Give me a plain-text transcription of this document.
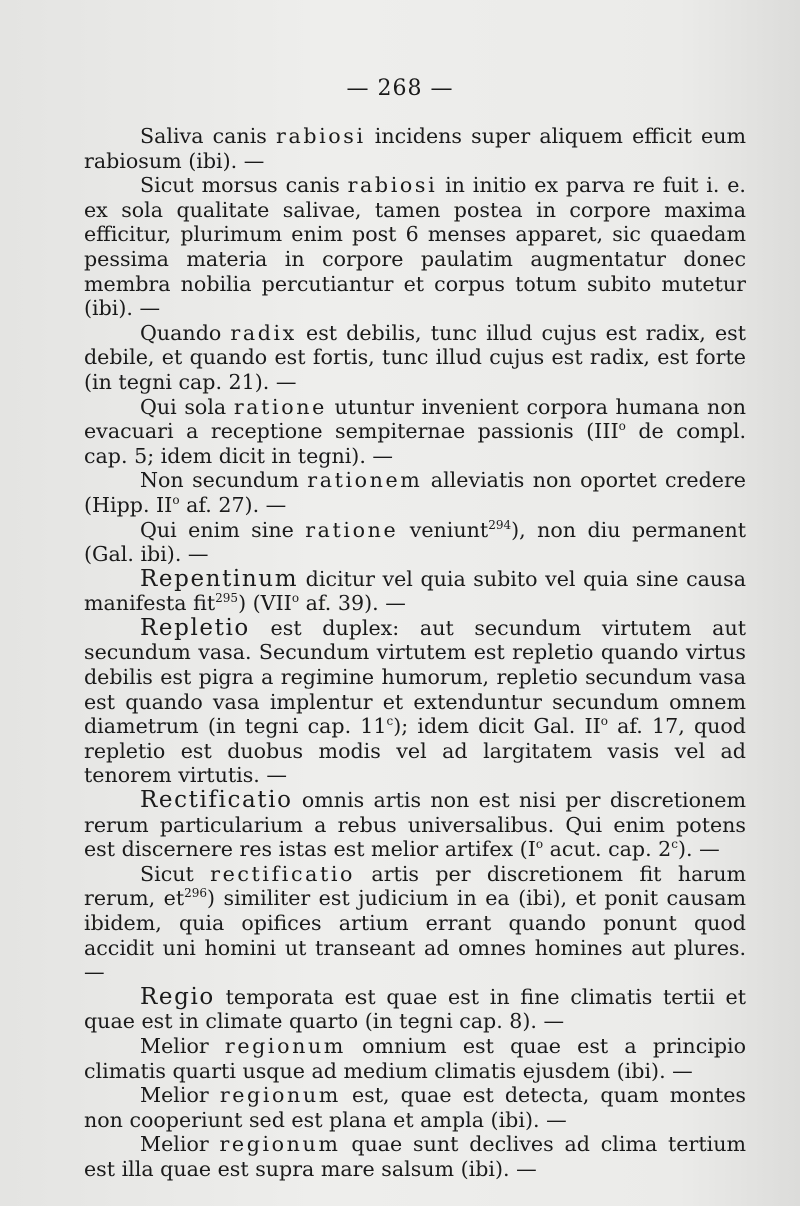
— 268 —

Saliva canis rabiosi incidens super aliquem efficit eum rabiosum (ibi). —

Sicut morsus canis rabiosi in initio ex parva re fuit i. e. ex sola qualitate salivae, tamen postea in corpore maxima efficitur, plurimum enim post 6 menses apparet, sic quaedam pessima materia in corpore paulatim augmentatur donec membra nobilia percutiantur et corpus totum subito mutetur (ibi). —

Quando radix est debilis, tunc illud cujus est radix, est debile, et quando est fortis, tunc illud cujus est radix, est forte (in tegni cap. 21). —

Qui sola ratione utuntur invenient corpora humana non evacuari a receptione sempiternae passionis (III$^o$ de compl. cap. 5; idem dicit in tegni). —

Non secundum rationem alleviatis non oportet credere (Hipp. $II^o$ af. 27). —

Qui enim sine ratione veniunt$^{294}$), non diu permanent (Gal. ibi). —

Repentinum dicitur vel quia subito vel quia sine causa manifesta fit$^{295}$) (VII$^o$ af. 39). —

Repletio est duplex: aut secundum virtutem aut secundum vasa. Secundum virtutem est repletio quando virtus debilis est pigra a regimine humorum, repletio secundum vasa est quando vasa implentur et extenduntur secundum omnem diametrum (in tegni cap. 11$^c$); idem dicit Gal. $II^o$ af. 17, quod repletio est duobus modis vel ad largitatem vasis vel ad tenorem virtutis. —

Rectificatio omnis artis non est nisi per discretionem rerum particularium a rebus universalibus. Qui enim potens est discernere res istas est melior artifex ($I^o$ acut. cap. 2$^c$). —

Sicut rectificatio artis per discretionem fit harum rerum, $et^{296}$) similiter est judicium in ea (ibi), et ponit causam ibidem, quia opifices artium errant quando ponunt quod accidit uni homini ut transeant ad omnes homines aut plures. —

Regio temporata est quae est in fine climatis tertii et quae est in climate quarto (in tegni cap. 8). —

Melior regionum omnium est quae est a principio climatis quarti usque ad medium climatis ejusdem (ibi). —

Melior regionum est, quae est detecta, quam montes non cooperiunt sed est plana et ampla (ibi). —

Melior regionum quae sunt declives ad clima tertium est illa quae est supra mare salsum (ibi). —
